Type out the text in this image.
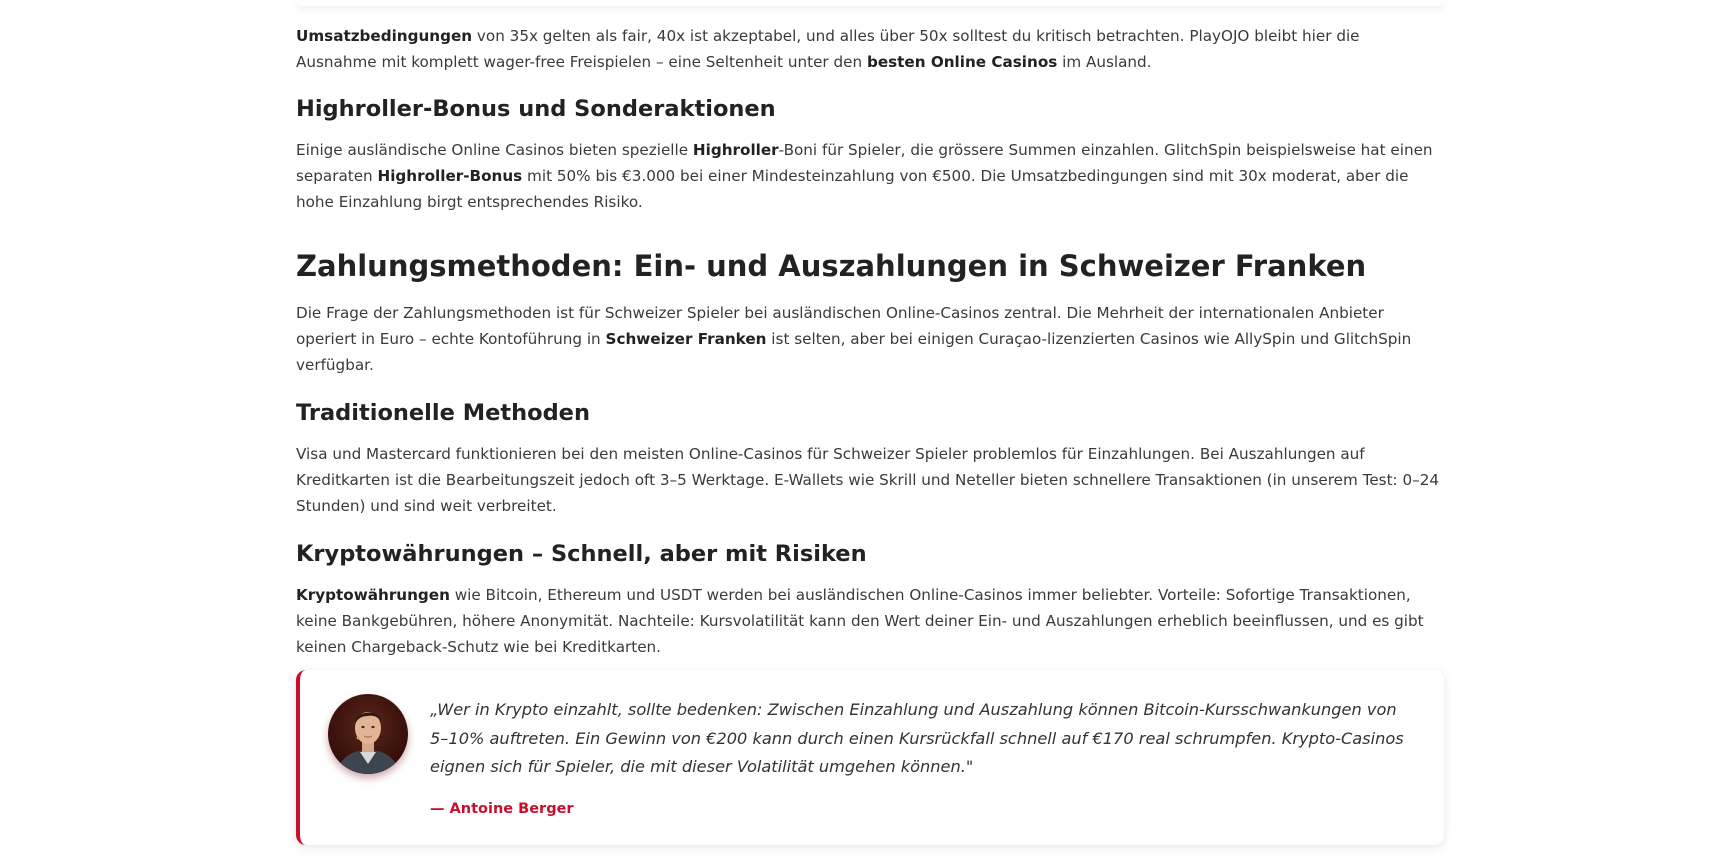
Umsatzbedingungen von 35x gelten als fair, 40x ist akzeptabel, und alles über 50x solltest du kritisch betrachten. PlayOJO bleibt hier die Ausnahme mit komplett wager-free Freispielen – eine Seltenheit unter den besten Online Casinos im Ausland.

Highroller-Bonus und Sonderaktionen

Einige ausländische Online Casinos bieten spezielle Highroller-Boni für Spieler, die grössere Summen einzahlen. GlitchSpin beispielsweise hat einen separaten Highroller-Bonus mit 50% bis €3.000 bei einer Mindesteinzahlung von €500. Die Umsatzbedingungen sind mit 30x moderat, aber die hohe Einzahlung birgt entsprechendes Risiko.

Zahlungsmethoden: Ein- und Auszahlungen in Schweizer Franken

Die Frage der Zahlungsmethoden ist für Schweizer Spieler bei ausländischen Online-Casinos zentral. Die Mehrheit der internationalen Anbieter operiert in Euro – echte Kontoführung in Schweizer Franken ist selten, aber bei einigen Curaçao-lizenzierten Casinos wie AllySpin und GlitchSpin verfügbar.

Traditionelle Methoden

Visa und Mastercard funktionieren bei den meisten Online-Casinos für Schweizer Spieler problemlos für Einzahlungen. Bei Auszahlungen auf Kreditkarten ist die Bearbeitungszeit jedoch oft 3–5 Werktage. E-Wallets wie Skrill und Neteller bieten schnellere Transaktionen (in unserem Test: 0–24 Stunden) und sind weit verbreitet.

Kryptowährungen – Schnell, aber mit Risiken

Kryptowährungen wie Bitcoin, Ethereum und USDT werden bei ausländischen Online-Casinos immer beliebter. Vorteile: Sofortige Transaktionen, keine Bankgebühren, höhere Anonymität. Nachteile: Kursvolatilität kann den Wert deiner Ein- und Auszahlungen erheblich beeinflussen, und es gibt keinen Chargeback-Schutz wie bei Kreditkarten.

„Wer in Krypto einzahlt, sollte bedenken: Zwischen Einzahlung und Auszahlung können Bitcoin-Kursschwankungen von 5–10% auftreten. Ein Gewinn von €200 kann durch einen Kursrückfall schnell auf €170 real schrumpfen. Krypto-Casinos eignen sich für Spieler, die mit dieser Volatilität umgehen können."

— Antoine Berger
